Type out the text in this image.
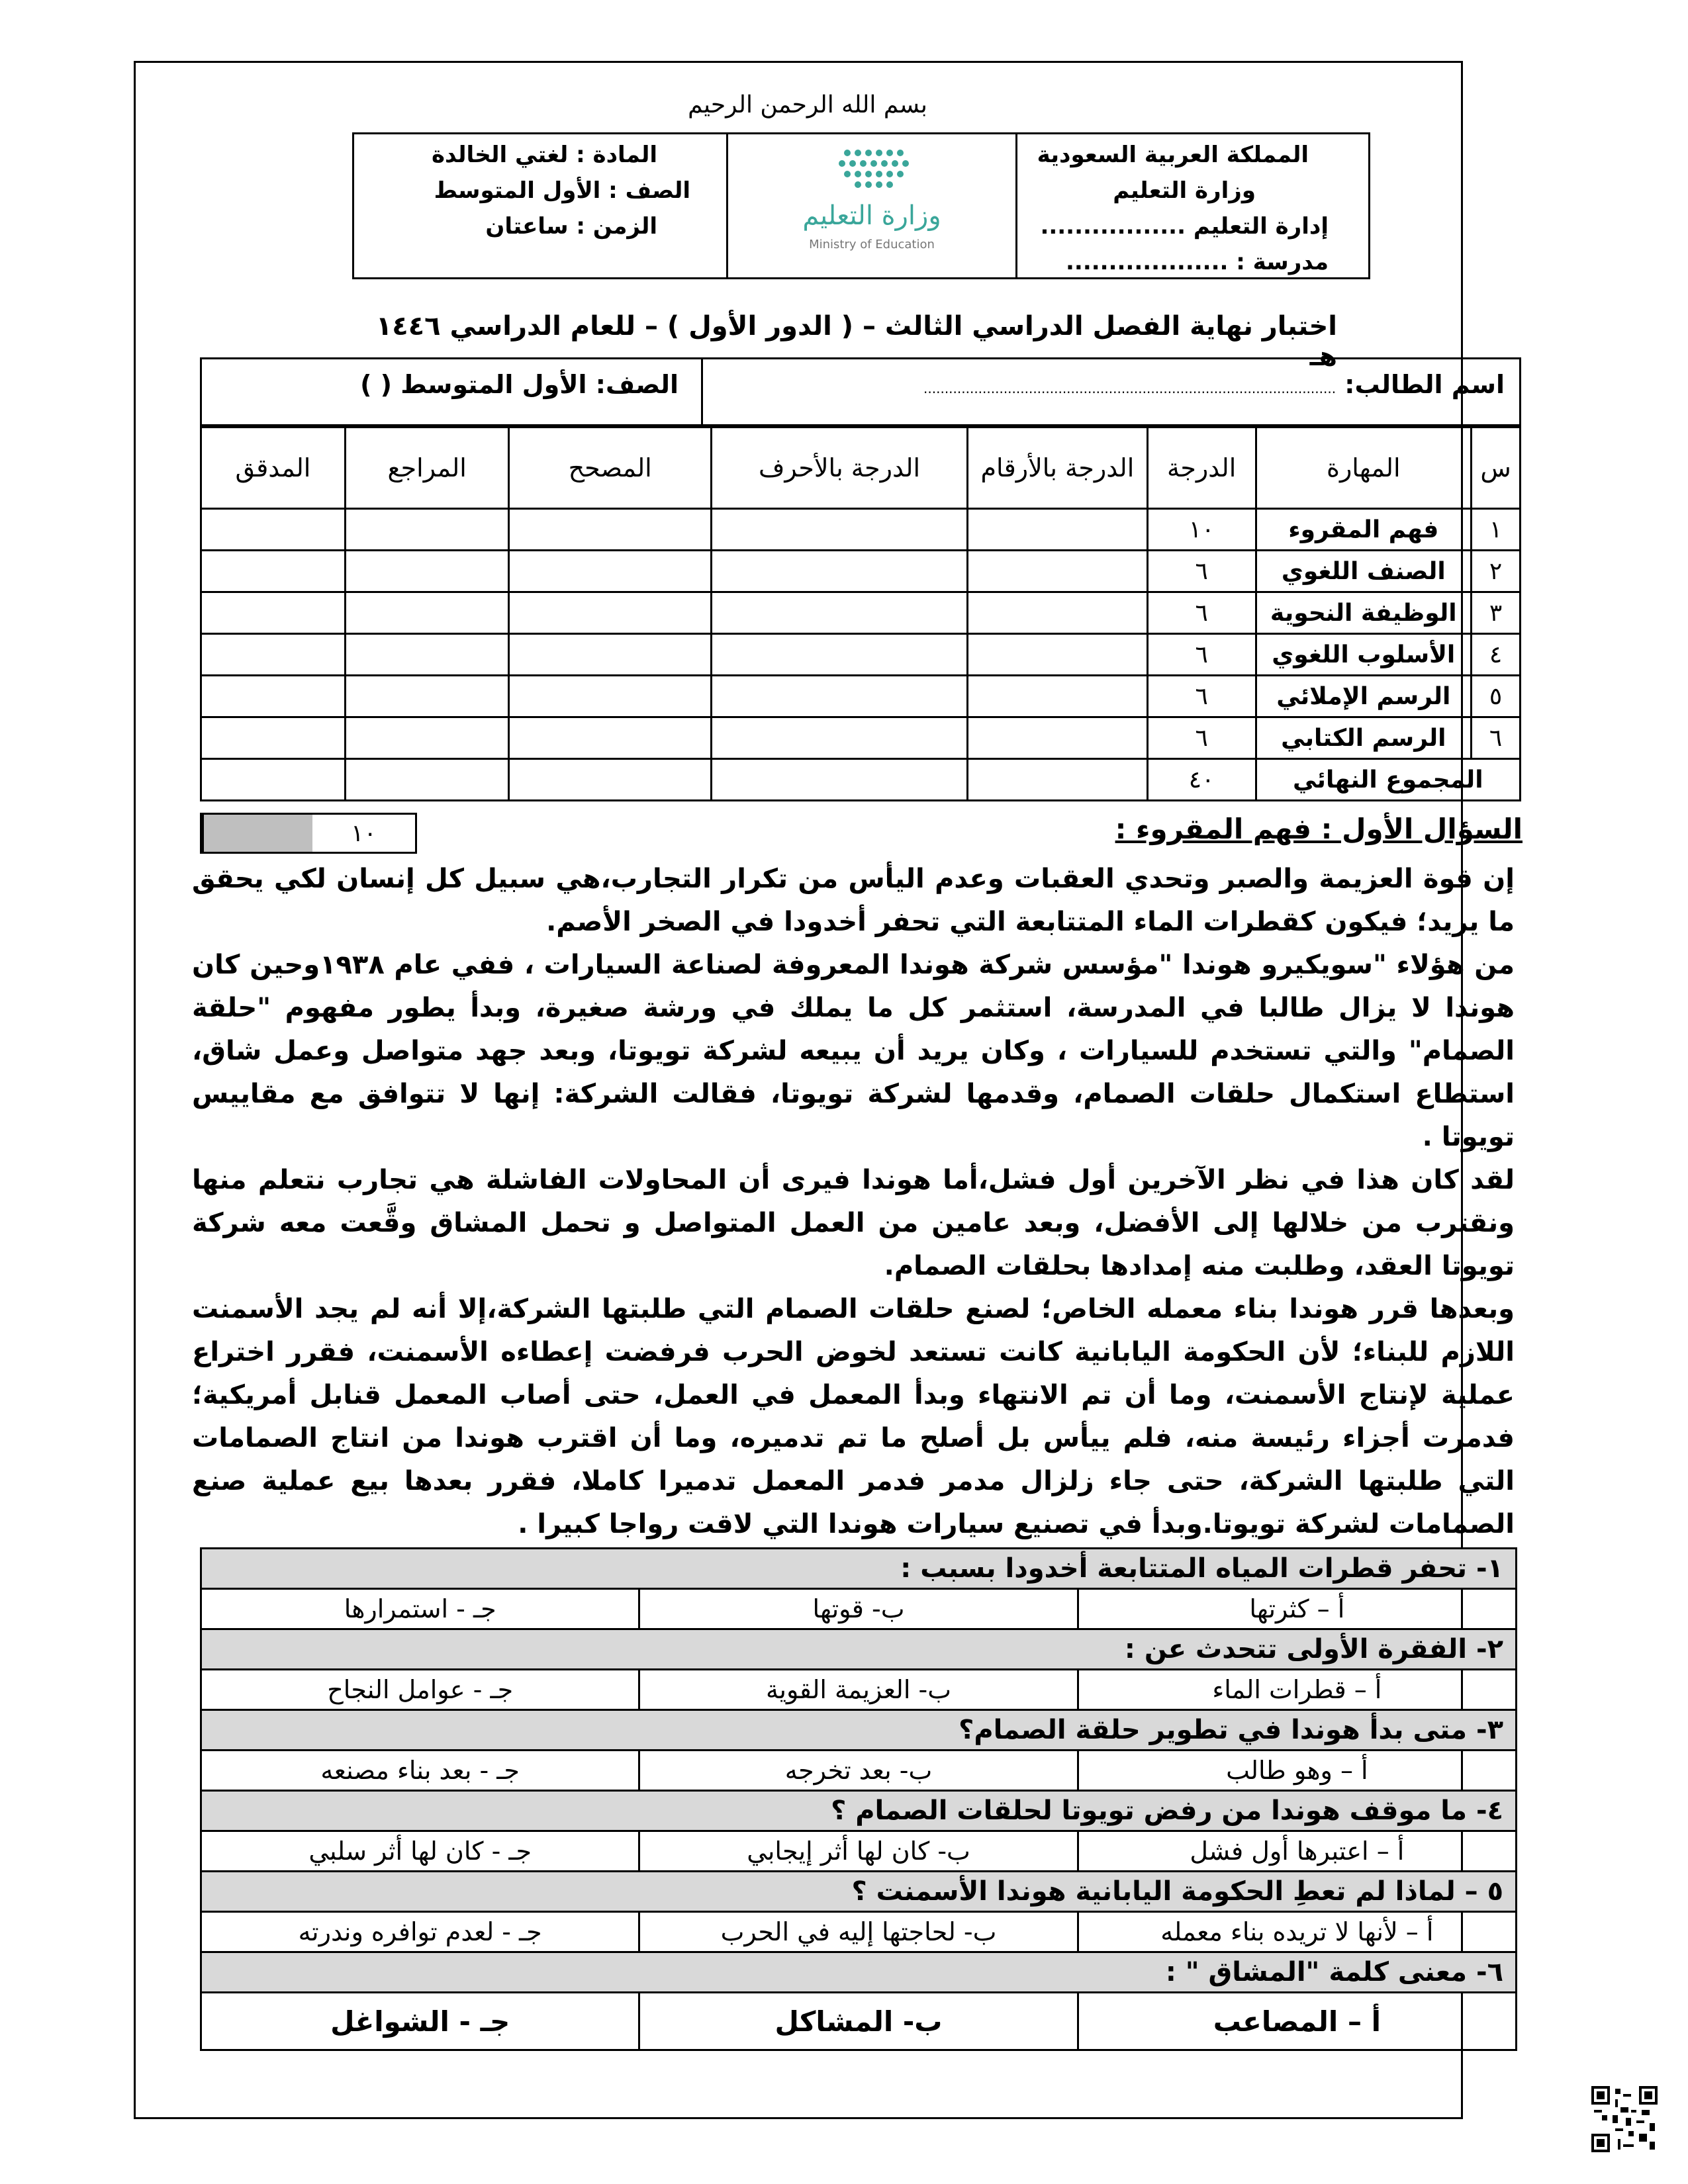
بسم الله الرحمن الرحيم
المملكة العربية السعودية
وزارة التعليم
إدارة التعليم .................
مدرسة : ...................
وزارة التعليم
Ministry of Education
المادة : لغتي الخالدة
الصف : الأول المتوسط
الزمن : ساعتان
اختبار نهاية الفصل الدراسي الثالث – ( الدور الأول ) – للعام الدراسي ١٤٤٦ هـ
اسم الطالب: ..................................................................................................
الصف: الأول المتوسط ( )
س	المهارة	الدرجة	الدرجة بالأرقام	الدرجة بالأحرف	المصحح	المراجع	المدقق
١	فهم المقروء	١٠					
٢	الصنف اللغوي	٦					
٣	الوظيفة النحوية	٦					
٤	الأسلوب اللغوي	٦					
٥	الرسم الإملائي	٦					
٦	الرسم الكتابي	٦					
المجموع النهائي		٤٠					
السؤال الأول : فهم المقروء :
١٠

إن قوة العزيمة والصبر وتحدي العقبات وعدم اليأس من تكرار التجارب،هي سبيل كل إنسان لكي يحقق ما يريد؛ فيكون كقطرات الماء المتتابعة التي تحفر أخدودا في الصخر الأصم.

من هؤلاء "سويكيرو هوندا "مؤسس شركة هوندا المعروفة لصناعة السيارات ، ففي عام ١٩٣٨وحين كان هوندا لا يزال طالبا في المدرسة، استثمر كل ما يملك في ورشة صغيرة، وبدأ يطور مفهوم "حلقة الصمام" والتي تستخدم للسيارات ، وكان يريد أن يبيعه لشركة تويوتا، وبعد جهد متواصل وعمل شاق، استطاع استكمال حلقات الصمام، وقدمها لشركة تويوتا، فقالت الشركة: إنها لا تتوافق مع مقاييس تويوتا .

لقد كان هذا في نظر الآخرين أول فشل،أما هوندا فيرى أن المحاولات الفاشلة هي تجارب نتعلم منها ونقترب من خلالها إلى الأفضل، وبعد عامين من العمل المتواصل و تحمل المشاق وقَّعت معه شركة تويوتا العقد، وطلبت منه إمدادها بحلقات الصمام.

وبعدها قرر هوندا بناء معمله الخاص؛ لصنع حلقات الصمام التي طلبتها الشركة،إلا أنه لم يجد الأسمنت اللازم للبناء؛ لأن الحكومة اليابانية كانت تستعد لخوض الحرب فرفضت إعطاءه الأسمنت، فقرر اختراع عملية لإنتاج الأسمنت، وما أن تم الانتهاء وبدأ المعمل في العمل، حتى أصاب المعمل قنابل أمريكية؛ فدمرت أجزاء رئيسة منه، فلم ييأس بل أصلح ما تم تدميره، وما أن اقترب هوندا من انتاج الصمامات التي طلبتها الشركة، حتى جاء زلزال مدمر فدمر المعمل تدميرا كاملا، فقرر بعدها بيع عملية صنع الصمامات لشركة تويوتا.وبدأ في تصنيع سيارات هوندا التي لاقت رواجا كبيرا .

١- تحفر قطرات المياه المتتابعة أخدودا بسبب :		
أ – كثرتها	ب- قوتها	جـ - استمرارها
٢- الفقرة الأولى تتحدث عن :		
أ – قطرات الماء	ب- العزيمة القوية	جـ - عوامل النجاح
٣- متى بدأ هوندا في تطوير حلقة الصمام؟		
أ – وهو طالب	ب- بعد تخرجه	جـ - بعد بناء مصنعه
٤- ما موقف هوندا من رفض تويوتا لحلقات الصمام ؟		
أ – اعتبرها أول فشل	ب- كان لها أثر إيجابي	جـ - كان لها أثر سلبي
٥ – لماذا لم تعطِ الحكومة اليابانية هوندا الأسمنت ؟		
أ – لأنها لا تريده بناء معمله	ب- لحاجتها إليه في الحرب	جـ - لعدم توافره وندرته
٦- معنى كلمة "المشاق " :		
أ – المصاعب	ب- المشاكل	جـ - الشواغل
